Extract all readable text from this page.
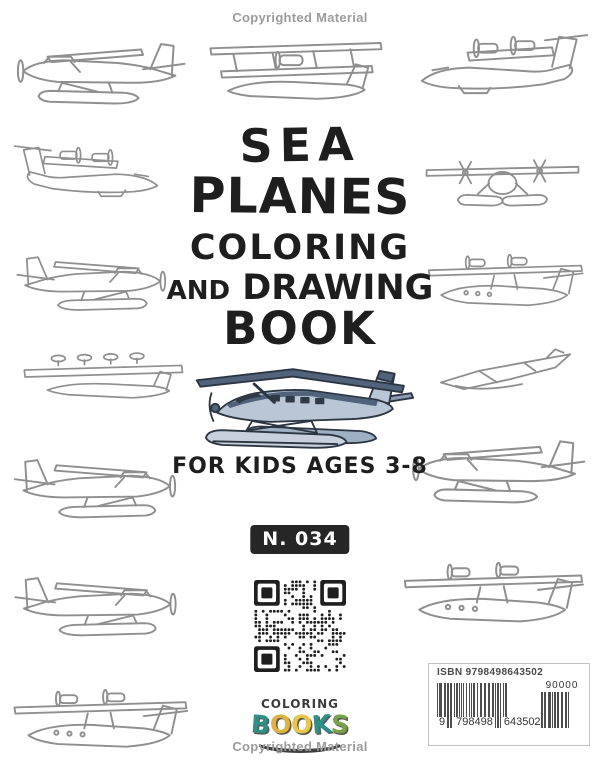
Copyrighted Material
SEA
PLANES
COLORING
AND DRAWING
BOOK
FOR KIDS AGES 3-8
N. 034
COLORING
BOOKS
ISBN 9798498643502
9 798498 643502
90000
Copyrighted Material
